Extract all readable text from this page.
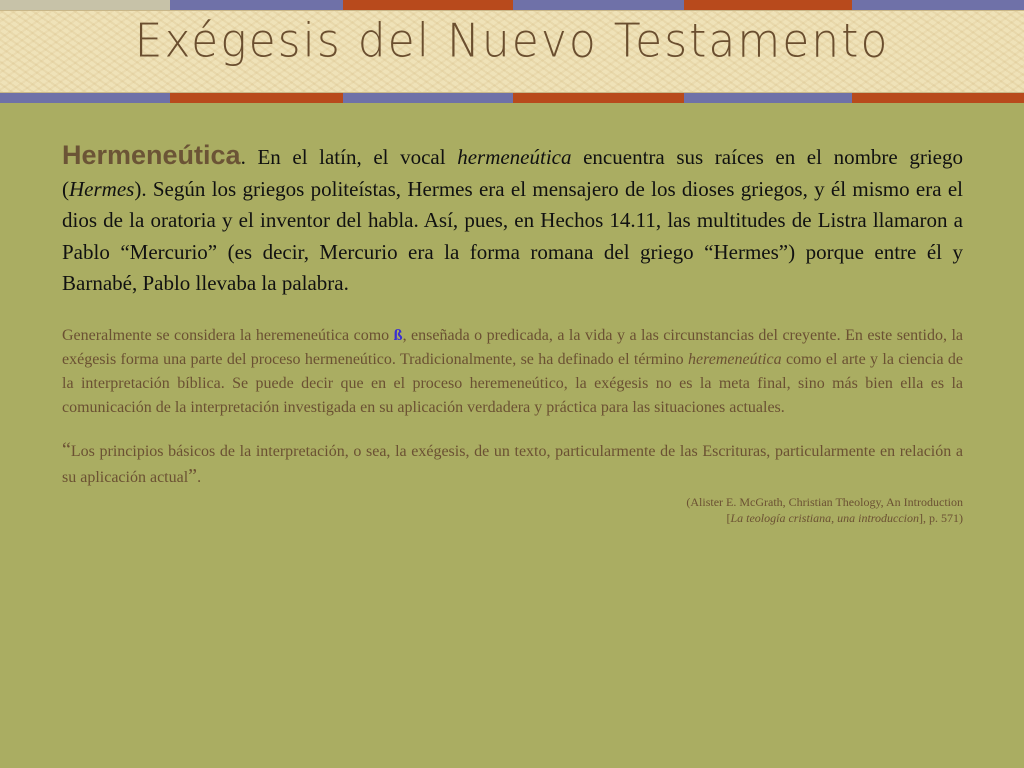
Exégesis del Nuevo Testamento

Hermeneútica. En el latín, el vocal hermeneútica encuentra sus raíces en el nombre griego (Hermes). Según los griegos politeístas, Hermes era el mensajero de los dioses griegos, y él mismo era el dios de la oratoria y el inventor del habla. Así, pues, en Hechos 14.11, las multitudes de Listra llamaron a Pablo “Mercurio” (es decir, Mercurio era la forma romana del griego “Hermes”) porque entre él y Barnabé, Pablo llevaba la palabra.

Generalmente se considera la heremeneútica como ß, enseñada o predicada, a la vida y a las circunstancias del creyente. En este sentido, la exégesis forma una parte del proceso hermeneútico. Tradicionalmente, se ha definado el término heremeneútica como el arte y la ciencia de la interpretación bíblica. Se puede decir que en el proceso heremeneútico, la exégesis no es la meta final, sino más bien ella es la comunicación de la interpretación investigada en su aplicación verdadera y práctica para las situaciones actuales.

“Los principios básicos de la interpretación, o sea, la exégesis, de un texto, particularmente de las Escrituras, particularmente en relación a su aplicación actual”.

(Alister E. McGrath, Christian Theology, An Introduction
[La teología cristiana, una introduccion], p. 571)
